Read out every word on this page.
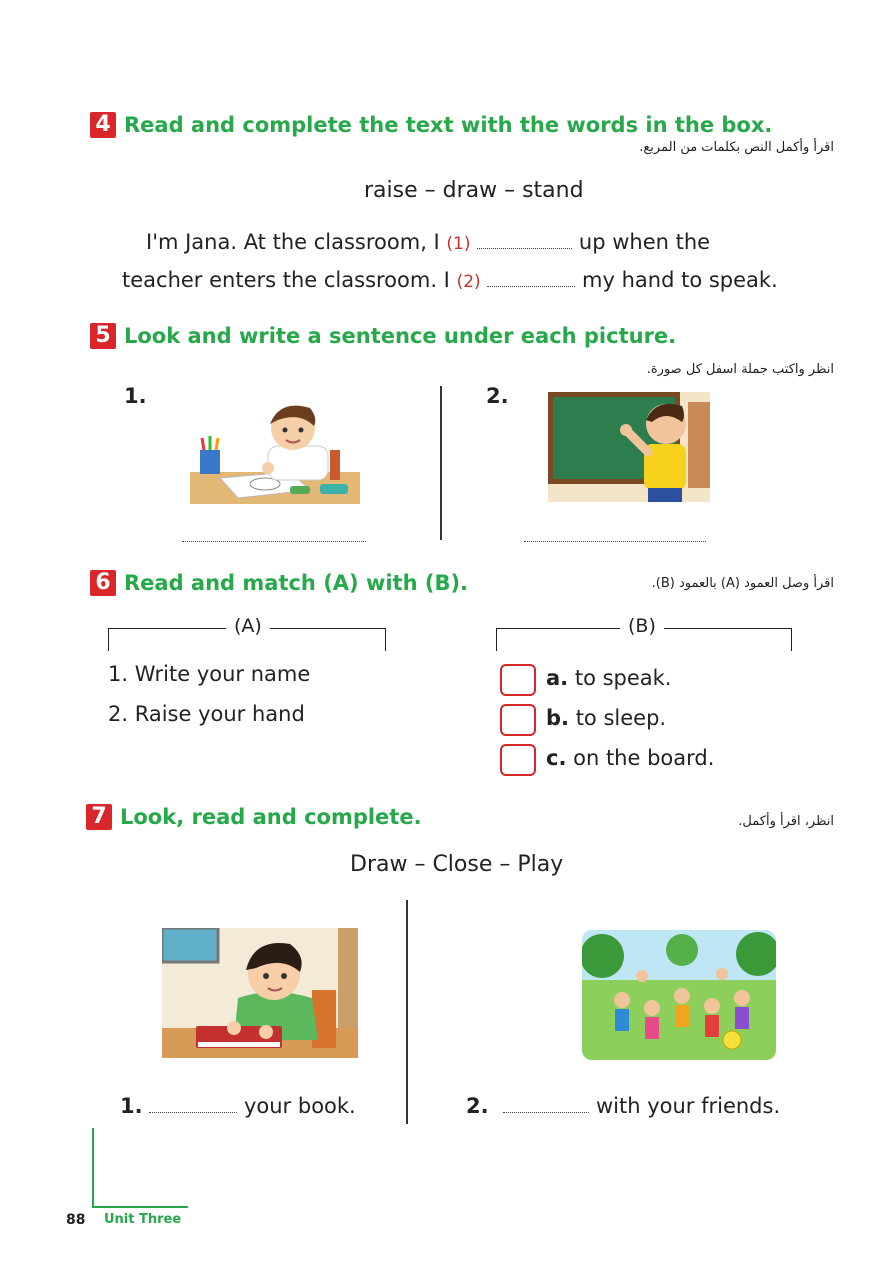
4 Read and complete the text with the words in the box.
اقرأ وأكمل النص بكلمات من المربع.
raise – draw – stand
I'm Jana. At the classroom, I (1)	up when the
teacher enters the classroom. I (2)	my hand to speak.
5 Look and write a sentence under each picture.
انظر واكتب جملة اسفل كل صورة.
1.	2.
6 Read and match (A) with (B).	اقرأ وصل العمود (A) بالعمود (B).
(A)	(B)
1. Write your name
2. Raise your hand
a. to speak.
b. to sleep.
c. on the board.
7 Look, read and complete.	انظر، اقرأ وأكمل.
Draw – Close – Play
1.	your book.	2.	with your friends.
88 Unit Three
